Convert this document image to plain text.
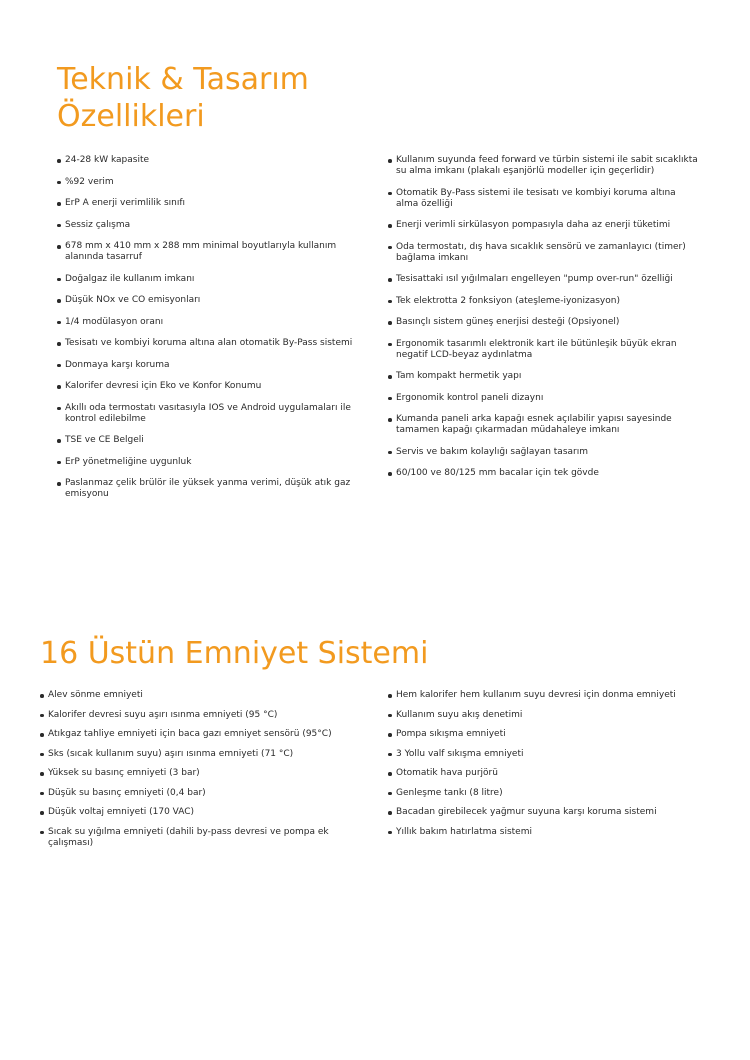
Teknik & Tasarım Özellikleri
24-28 kW kapasite
%92 verim
ErP A enerji verimlilik sınıfı
Sessiz çalışma
678 mm x 410 mm x 288 mm minimal boyutlarıyla kullanım alanında tasarruf
Doğalgaz ile kullanım imkanı
Düşük NOx ve CO emisyonları
1/4 modülasyon oranı
Tesisatı ve kombiyi koruma altına alan otomatik By-Pass sistemi
Donmaya karşı koruma
Kalorifer devresi için Eko ve Konfor Konumu
Akıllı oda termostatı vasıtasıyla IOS ve Android uygulamaları ile kontrol edilebilme
TSE ve CE Belgeli
ErP yönetmeliğine uygunluk
Paslanmaz çelik brülör ile yüksek yanma verimi, düşük atık gaz emisyonu
Kullanım suyunda feed forward ve türbin sistemi ile sabit sıcaklıkta su alma imkanı (plakalı eşanjörlü modeller için geçerlidir)
Otomatik By-Pass sistemi ile tesisatı ve kombiyi koruma altına alma özelliği
Enerji verimli sirkülasyon pompasıyla daha az enerji tüketimi
Oda termostatı, dış hava sıcaklık sensörü ve zamanlayıcı (timer) bağlama imkanı
Tesisattaki ısıl yığılmaları engelleyen "pump over-run" özelliği
Tek elektrotta 2 fonksiyon (ateşleme-iyonizasyon)
Basınçlı sistem güneş enerjisi desteği (Opsiyonel)
Ergonomik tasarımlı elektronik kart ile bütünleşik büyük ekran negatif LCD-beyaz aydınlatma
Tam kompakt hermetik yapı
Ergonomik kontrol paneli dizaynı
Kumanda paneli arka kapağı esnek açılabilir yapısı sayesinde tamamen kapağı çıkarmadan müdahaleye imkanı
Servis ve bakım kolaylığı sağlayan tasarım
60/100 ve 80/125 mm bacalar için tek gövde
16 Üstün Emniyet Sistemi
Alev sönme emniyeti
Kalorifer devresi suyu aşırı ısınma emniyeti (95 °C)
Atıkgaz tahliye emniyeti için baca gazı emniyet sensörü (95°C)
Sks (sıcak kullanım suyu) aşırı ısınma emniyeti (71 °C)
Yüksek su basınç emniyeti (3 bar)
Düşük su basınç emniyeti (0,4 bar)
Düşük voltaj emniyeti (170 VAC)
Sıcak su yığılma emniyeti (dahili by-pass devresi ve pompa ek çalışması)
Hem kalorifer hem kullanım suyu devresi için donma emniyeti
Kullanım suyu akış denetimi
Pompa sıkışma emniyeti
3 Yollu valf sıkışma emniyeti
Otomatik hava purjörü
Genleşme tankı (8 litre)
Bacadan girebilecek yağmur suyuna karşı koruma sistemi
Yıllık bakım hatırlatma sistemi
